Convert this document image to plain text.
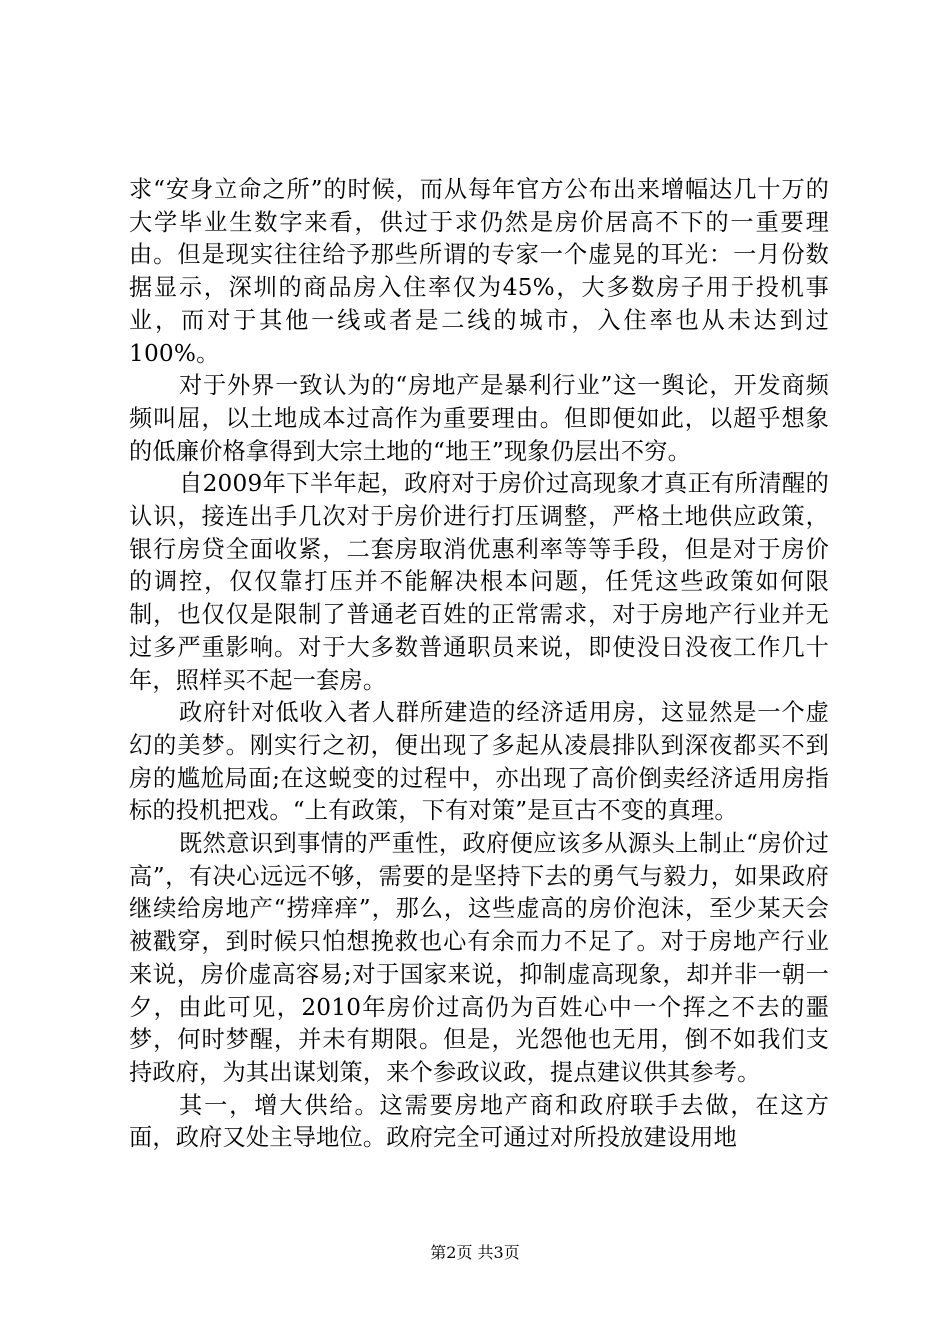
求“安身立命之所”的时候，而从每年官方公布出来增幅达几十万的大学毕业生数字来看，供过于求仍然是房价居高不下的一重要理由。但是现实往往给予那些所谓的专家一个虚晃的耳光：一月份数据显示，深圳的商品房入住率仅为45%，大多数房子用于投机事业，而对于其他一线或者是二线的城市，入住率也从未达到过100%。

对于外界一致认为的“房地产是暴利行业”这一舆论，开发商频频叫屈，以土地成本过高作为重要理由。但即便如此，以超乎想象的低廉价格拿得到大宗土地的“地王”现象仍层出不穷。

自2009年下半年起，政府对于房价过高现象才真正有所清醒的认识，接连出手几次对于房价进行打压调整，严格土地供应政策，银行房贷全面收紧，二套房取消优惠利率等等手段，但是对于房价的调控，仅仅靠打压并不能解决根本问题，任凭这些政策如何限制，也仅仅是限制了普通老百姓的正常需求，对于房地产行业并无过多严重影响。对于大多数普通职员来说，即使没日没夜工作几十年，照样买不起一套房。

政府针对低收入者人群所建造的经济适用房，这显然是一个虚幻的美梦。刚实行之初，便出现了多起从凌晨排队到深夜都买不到房的尴尬局面;在这蜕变的过程中，亦出现了高价倒卖经济适用房指标的投机把戏。“上有政策，下有对策”是亘古不变的真理。

既然意识到事情的严重性，政府便应该多从源头上制止“房价过高”，有决心远远不够，需要的是坚持下去的勇气与毅力，如果政府继续给房地产“捞痒痒”，那么，这些虚高的房价泡沫，至少某天会被戳穿，到时候只怕想挽救也心有余而力不足了。对于房地产行业来说，房价虚高容易;对于国家来说，抑制虚高现象，却并非一朝一夕，由此可见，2010年房价过高仍为百姓心中一个挥之不去的噩梦，何时梦醒，并未有期限。但是，光怨他也无用，倒不如我们支持政府，为其出谋划策，来个参政议政，提点建议供其参考。

其一，增大供给。这需要房地产商和政府联手去做，在这方面，政府又处主导地位。政府完全可通过对所投放建设用地

第2页 共3页
